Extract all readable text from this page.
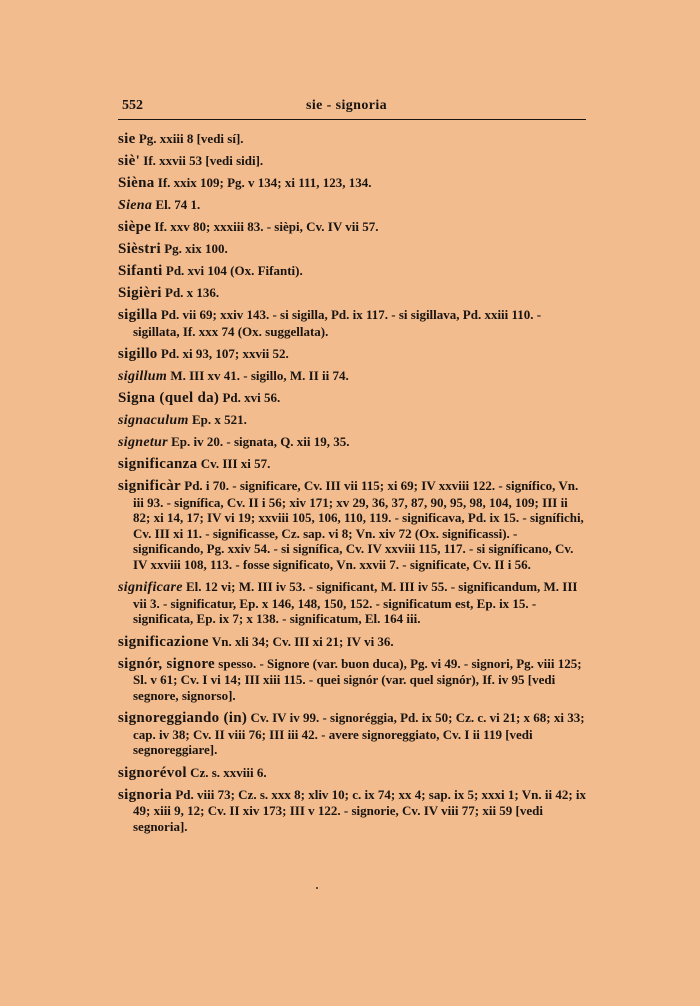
552	sie - signoria
sie Pg. xxiii 8 [vedi sí].
siè' If. xxvii 53 [vedi sidi].
Sièna If. xxix 109; Pg. v 134; xi 111, 123, 134.
Siena El. 74 1.
sièpe If. xxv 80; xxxiii 83. - sièpi, Cv. IV vii 57.
Sièstri Pg. xix 100.
Sifanti Pd. xvi 104 (Ox. Fifanti).
Sigièri Pd. x 136.
sigilla Pd. vii 69; xxiv 143. - si sigilla, Pd. ix 117. - si sigillava, Pd. xxiii 110. - sigillata, If. xxx 74 (Ox. suggellata).
sigillo Pd. xi 93, 107; xxvii 52.
sigillum M. III xv 41. - sigillo, M. II ii 74.
Signa (quel da) Pd. xvi 56.
signaculum Ep. x 521.
signetur Ep. iv 20. - signata, Q. xii 19, 35.
significanza Cv. III xi 57.
significàr Pd. i 70. - significare, Cv. III vii 115; xi 69; IV xxviii 122. - signífico, Vn. iii 93. - signífica, Cv. II i 56; xiv 171; xv 29, 36, 37, 87, 90, 95, 98, 104, 109; III ii 82; xi 14, 17; IV vi 19; xxviii 105, 106, 110, 119. - significava, Pd. ix 15. - signífichi, Cv. III xi 11. - significasse, Cz. sap. vi 8; Vn. xiv 72 (Ox. significassi). - significando, Pg. xxiv 54. - si signífica, Cv. IV xxviii 115, 117. - si signíficano, Cv. IV xxviii 108, 113. - fosse significato, Vn. xxvii 7. - significate, Cv. II i 56.
significare El. 12 vi; M. III iv 53. - significant, M. III iv 55. - significandum, M. III vii 3. - significatur, Ep. x 146, 148, 150, 152. - significatum est, Ep. ix 15. - significata, Ep. ix 7; x 138. - significatum, El. 164 iii.
significazione Vn. xli 34; Cv. III xi 21; IV vi 36.
signór, signore spesso. - Signore (var. buon duca), Pg. vi 49. - signori, Pg. viii 125; Sl. v 61; Cv. I vi 14; III xiii 115. - quei signór (var. quel signór), If. iv 95 [vedi segnore, signorso].
signoreggiando (in) Cv. IV iv 99. - signoréggia, Pd. ix 50; Cz. c. vi 21; x 68; xi 33; cap. iv 38; Cv. II viii 76; III iii 42. - avere signoreggiato, Cv. I ii 119 [vedi segnoreggiare].
signorévol Cz. s. xxviii 6.
signoria Pd. viii 73; Cz. s. xxx 8; xliv 10; c. ix 74; xx 4; sap. ix 5; xxxi 1; Vn. ii 42; ix 49; xiii 9, 12; Cv. II xiv 173; III v 122. - signorie, Cv. IV viii 77; xii 59 [vedi segnoria].
